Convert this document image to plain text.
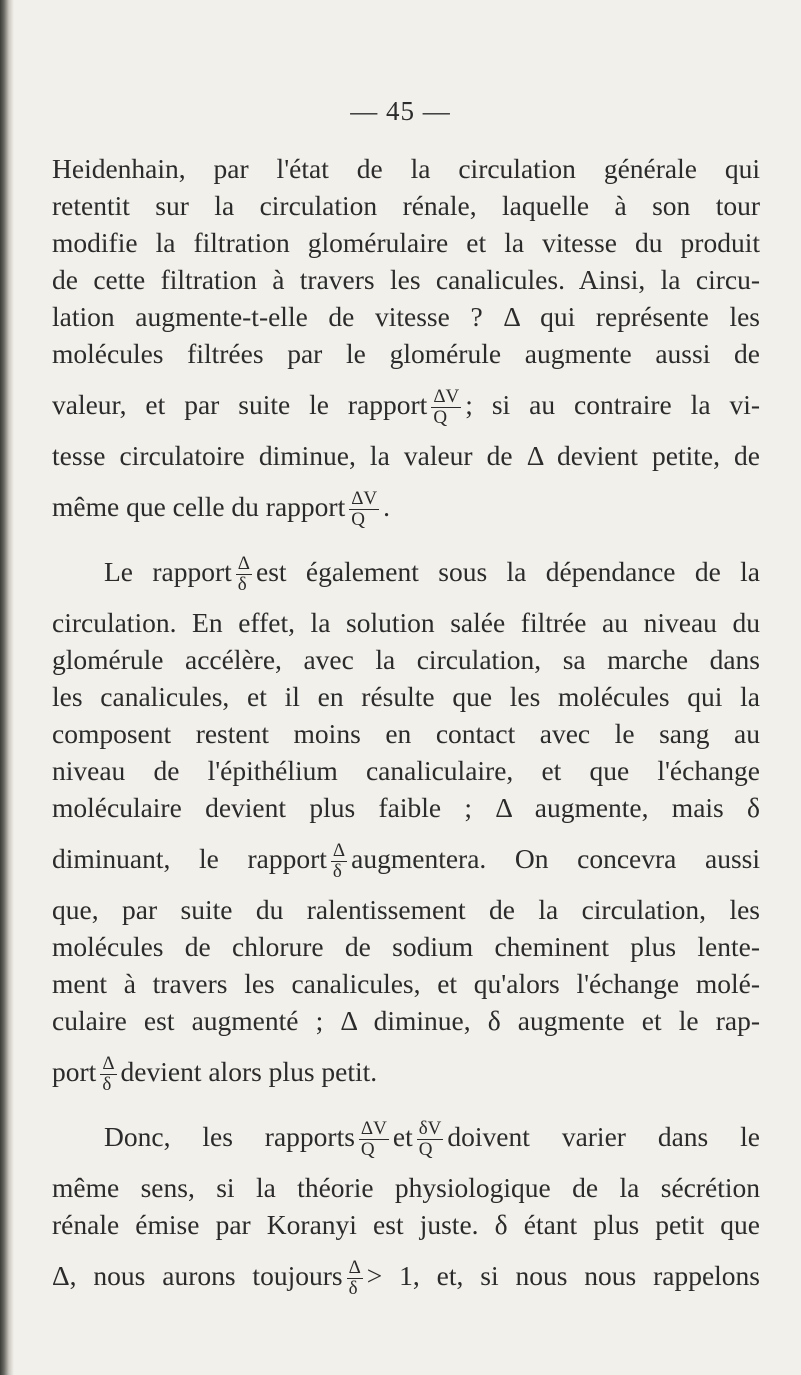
— 45 —
Heidenhain, par l'état de la circulation générale qui
retentit sur la circulation rénale, laquelle à son tour
modifie la filtration glomérulaire et la vitesse du produit
de cette filtration à travers les canalicules. Ainsi, la circu-
lation augmente-t-elle de vitesse ? Δ qui représente les
molécules filtrées par le glomérule augmente aussi de
valeur, et par suite le rapport $\frac{\Delta V}{Q}$ ; si au contraire la vi-
tesse circulatoire diminue, la valeur de Δ devient petite, de
même que celle du rapport $\frac{\Delta V}{Q}$ .
Le rapport $\frac{\Delta}{\delta}$ est également sous la dépendance de la
circulation. En effet, la solution salée filtrée au niveau du
glomérule accélère, avec la circulation, sa marche dans
les canalicules, et il en résulte que les molécules qui la
composent restent moins en contact avec le sang au
niveau de l'épithélium canaliculaire, et que l'échange
moléculaire devient plus faible ; Δ augmente, mais δ
diminuant, le rapport $\frac{\Delta}{\delta}$ augmentera. On concevra aussi
que, par suite du ralentissement de la circulation, les
molécules de chlorure de sodium cheminent plus lente-
ment à travers les canalicules, et qu'alors l'échange molé-
culaire est augmenté ; Δ diminue, δ augmente et le rap-
port $\frac{\Delta}{\delta}$ devient alors plus petit.
Donc, les rapports $\frac{\Delta V}{Q}$ et $\frac{\delta V}{Q}$ doivent varier dans le
même sens, si la théorie physiologique de la sécrétion
rénale émise par Koranyi est juste. δ étant plus petit que
Δ, nous aurons toujours $\frac{\Delta}{\delta} > 1$, et, si nous nous rappelons
